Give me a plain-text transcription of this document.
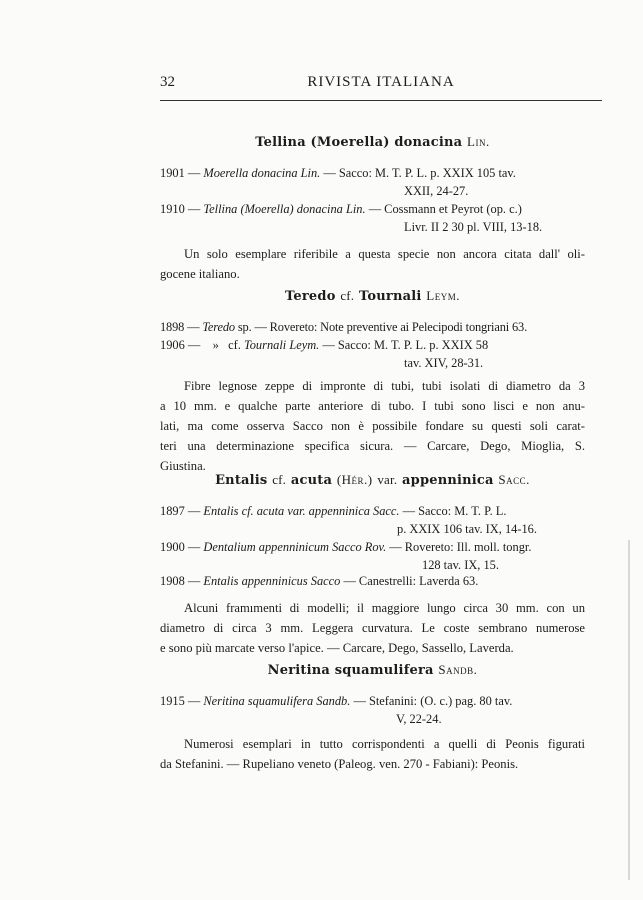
32	RIVISTA ITALIANA
Tellina (Moerella) donacina Lin.
1901 — Moerella donacina Lin. — Sacco: M. T. P. L. p. XXIX 105 tav.
XXII, 24-27.
1910 — Tellina (Moerella) donacina Lin. — Cossmann et Peyrot (op. c.)
Livr. II 2 30 pl. VIII, 13-18.
Un solo esemplare riferibile a questa specie non ancora citata dall' oli-
gocene italiano.
Teredo cf. Tournali Leym.
1898 — Teredo sp. — Rovereto: Note preventive ai Pelecipodi tongriani 63.
1906 —    »   cf. Tournali Leym. — Sacco: M. T. P. L. p. XXIX 58
tav. XIV, 28-31.
Fibre legnose zeppe di impronte di tubi, tubi isolati di diametro da 3
a 10 mm. e qualche parte anteriore di tubo. I tubi sono lisci e non anu-
lati, ma come osserva Sacco non è possibile fondare su questi soli carat-
teri una determinazione specifica sicura. — Carcare, Dego, Mioglia, S.
Giustina.
Entalis cf. acuta (Hér.) var. appenninica Sacc.
1897 — Entalis cf. acuta var. appenninica Sacc. — Sacco: M. T. P. L.
p. XXIX 106 tav. IX, 14-16.
1900 — Dentalium appenninicum Sacco Rov. — Rovereto: Ill. moll. tongr.
128 tav. IX, 15.
1908 — Entalis appenninicus Sacco — Canestrelli: Laverda 63.
Alcuni framımenti di modelli; il maggiore lungo circa 30 mm. con un
diametro di circa 3 mm. Leggera curvatura. Le coste sembrano numerose
e sono più marcate verso l'apice. — Carcare, Dego, Sassello, Laverda.
Neritina squamulifera Sandb.
1915 — Neritina squamulifera Sandb. — Stefanini: (O. c.) pag. 80 tav.
V, 22-24.
Numerosi esemplari in tutto corrispondenti a quelli di Peonis figurati
da Stefanini. — Rupeliano veneto (Paleog. ven. 270 - Fabiani): Peonis.
